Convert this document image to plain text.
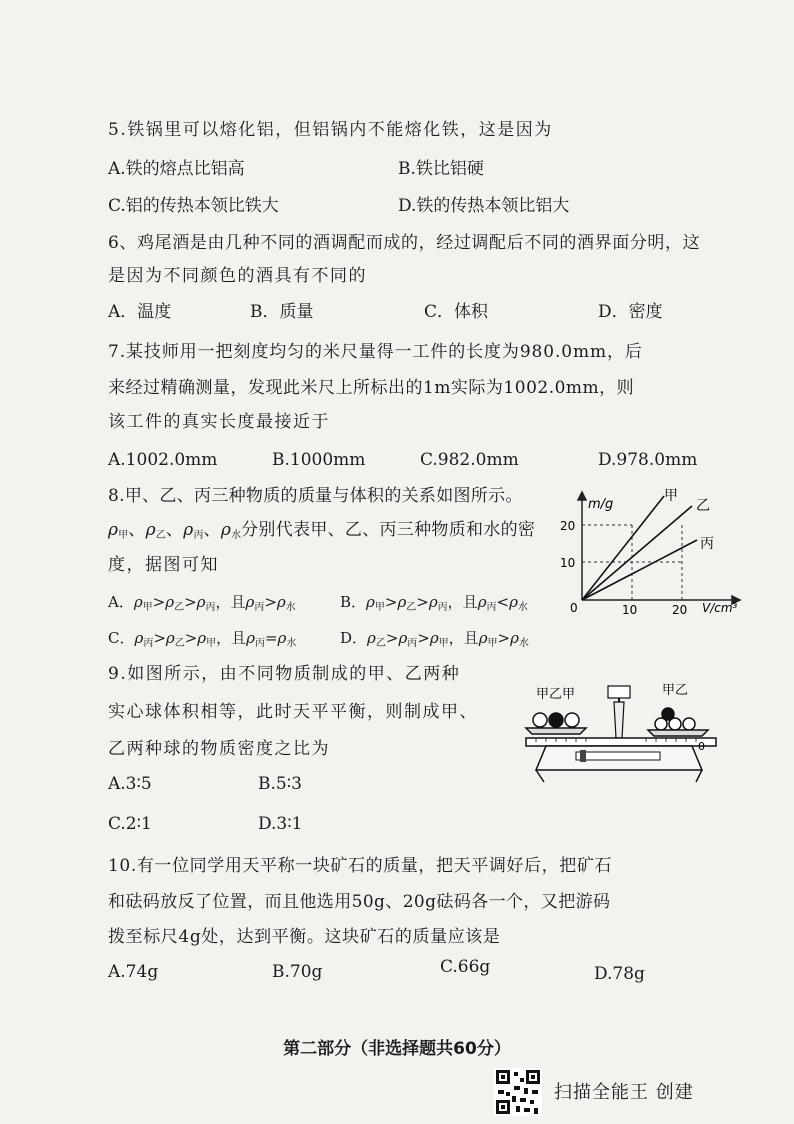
5.铁锅里可以熔化铝，但铝锅内不能熔化铁，这是因为
A.铁的熔点比铝高	B.铁比铝硬
C.铝的传热本领比铁大	D.铁的传热本领比铝大
6、鸡尾酒是由几种不同的酒调配而成的，经过调配后不同的酒界面分明，这
是因为不同颜色的酒具有不同的
A．温度	B．质量	C．体积	D．密度
7.某技师用一把刻度均匀的米尺量得一工件的长度为980.0mm，后
来经过精确测量，发现此米尺上所标出的1m实际为1002.0mm，则
该工件的真实长度最接近于
A.1002.0mm	B.1000mm	C.982.0mm	D.978.0mm
8.甲、乙、丙三种物质的质量与体积的关系如图所示。
$\rho_甲$、$\rho_乙$、$\rho_丙$、$\rho_水$分别代表甲、乙、丙三种物质和水的密
度，据图可知
A．$\rho_甲>\rho_乙>\rho_丙$，且$\rho_丙>\rho_水$	B．$\rho_甲>\rho_乙>\rho_丙$，且$\rho_丙<\rho_水$
C．$\rho_丙>\rho_乙>\rho_甲$，且$\rho_丙=\rho_水$	D．$\rho_乙>\rho_丙>\rho_甲$，且$\rho_甲>\rho_水$
m/g
20
10
0	10	20 V/cm³
甲
乙
丙
9.如图所示，由不同物质制成的甲、乙两种
实心球体积相等，此时天平平衡，则制成甲、
乙两种球的物质密度之比为
A.3∶5	B.5∶3
C.2∶1	D.3∶1
甲乙甲	甲乙
0
10.有一位同学用天平称一块矿石的质量，把天平调好后，把矿石
和砝码放反了位置，而且他选用50g、20g砝码各一个，又把游码
拨至标尺4g处，达到平衡。这块矿石的质量应该是
A.74g	B.70g	C.66g	D.78g
第二部分（非选择题共60分）
扫描全能王 创建
